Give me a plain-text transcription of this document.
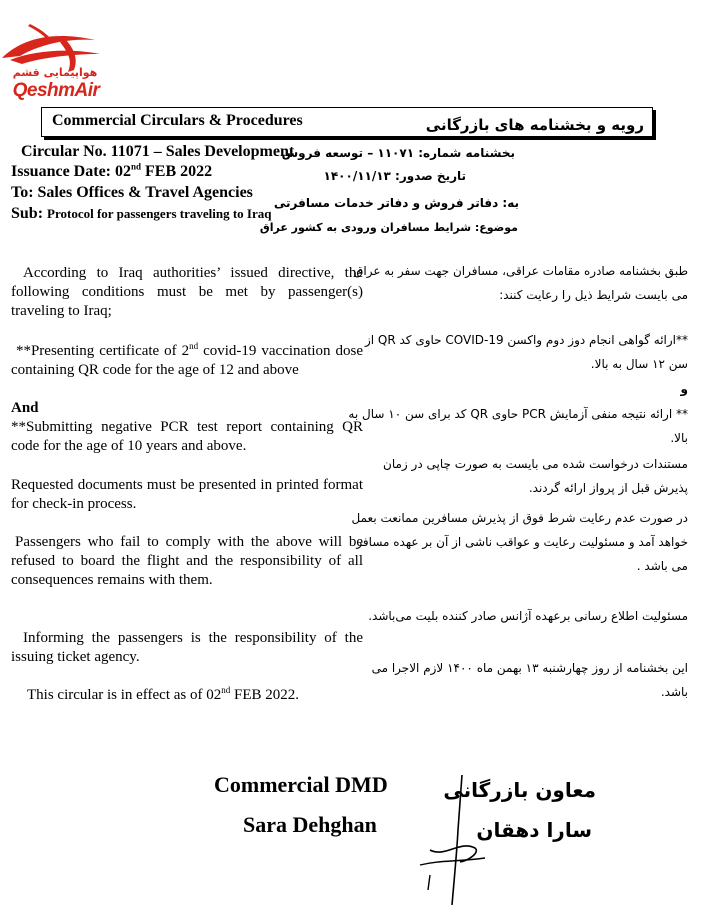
هواپیمایی قشم
QeshmAir
Commercial Circulars & Procedures	رویه و بخشنامه های بازرگانی
Circular No. 11071 – Sales Development
Issuance Date: 02nd FEB 2022
To: Sales Offices & Travel Agencies
Sub: Protocol for passengers traveling to Iraq
بخشنامه شماره: ۱۱۰۷۱ – توسعه فروش
تاریخ صدور: ۱۴۰۰/۱۱/۱۳
به: دفاتر فروش و دفاتر خدمات مسافرتی
موضوع: شرایط مسافران ورودی به کشور عراق
According to Iraq authorities’ issued directive, the following conditions must be met by passenger(s) traveling to Iraq;
**Presenting certificate of 2nd covid-19 vaccination dose containing QR code for the age of 12 and above
And
**Submitting negative PCR test report containing QR code for the age of 10 years and above.
Requested documents must be presented in printed format for check-in process.
Passengers who fail to comply with the above will be refused to board the flight and the responsibility of all consequences remains with them.
Informing the passengers is the responsibility of the issuing ticket agency.
This circular is in effect as of 02nd FEB 2022.
طبق بخشنامه صادره مقامات عراقی، مسافران جهت سفر به عراق می بایست شرایط ذیل را رعایت کنند:
**ارائه گواهی انجام دوز دوم واکسن COVID-19 حاوی کد QR از سن ۱۲ سال به بالا.
و
** ارائه نتیجه منفی آزمایش PCR حاوی QR کد برای سن ۱۰ سال به بالا.
مستندات درخواست شده می بایست به صورت چاپی در زمان پذیرش قبل از پرواز ارائه گردند.
در صورت عدم رعایت شرط فوق از پذیرش مسافرین ممانعت بعمل خواهد آمد و مسئولیت رعایت و عواقب ناشی از آن بر عهده مسافر می باشد .
مسئولیت اطلاع رسانی برعهده آژانس صادر کننده بلیت می‌باشد.
این بخشنامه از روز چهارشنبه ۱۳ بهمن ماه ۱۴۰۰ لازم الاجرا می باشد.
Commercial DMD
Sara Dehghan
معاون بازرگانی
سارا دهقان
